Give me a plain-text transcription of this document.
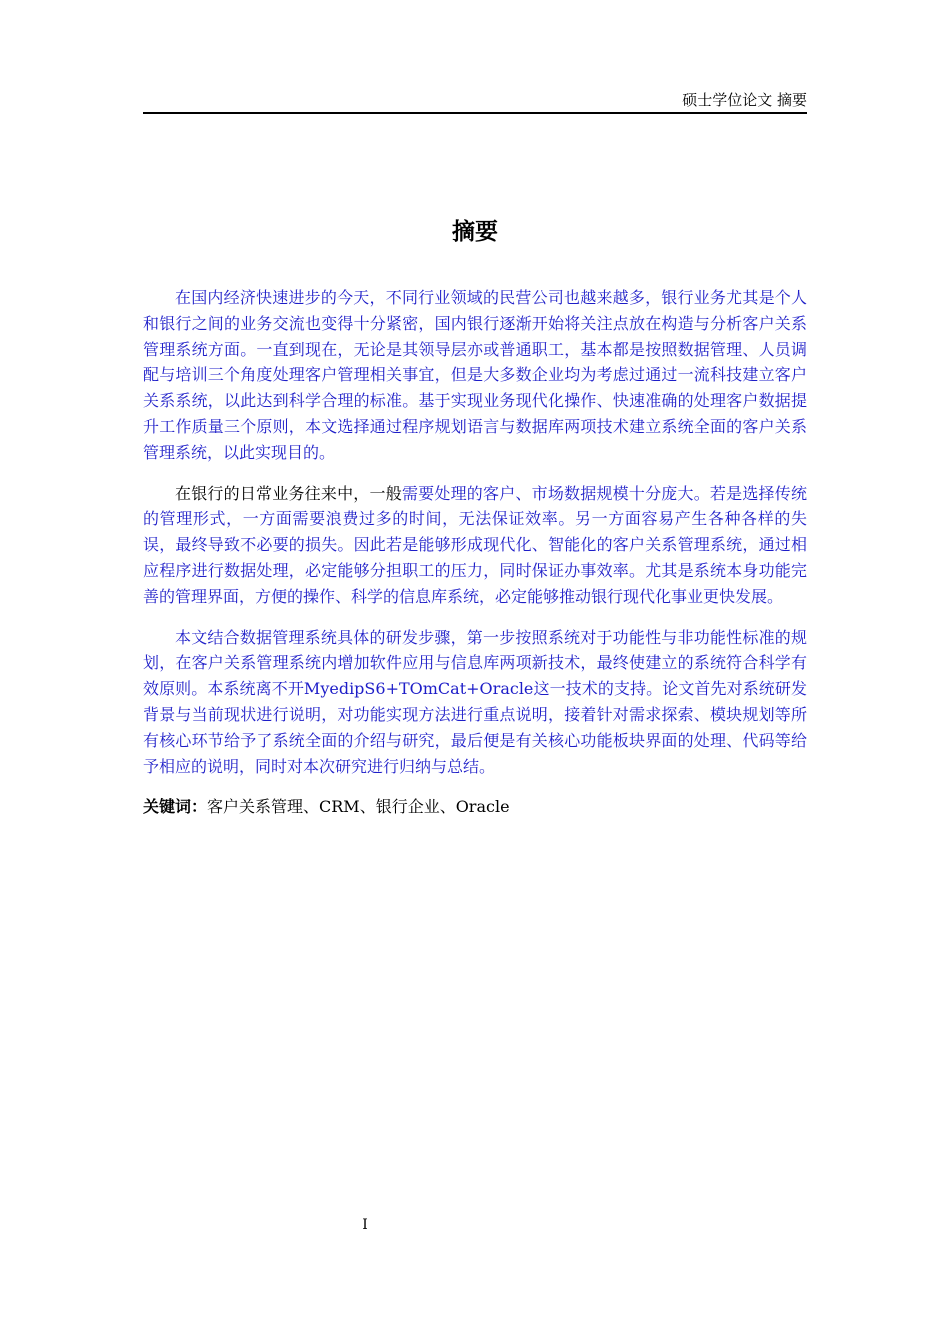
硕士学位论文 摘要
摘要

在国内经济快速进步的今天，不同行业领域的民营公司也越来越多，银行业务尤其是个人和银行之间的业务交流也变得十分紧密，国内银行逐渐开始将关注点放在构造与分析客户关系管理系统方面。一直到现在，无论是其领导层亦或普通职工，基本都是按照数据管理、人员调配与培训三个角度处理客户管理相关事宜，但是大多数企业均为考虑过通过一流科技建立客户关系系统，以此达到科学合理的标准。基于实现业务现代化操作、快速准确的处理客户数据提升工作质量三个原则，本文选择通过程序规划语言与数据库两项技术建立系统全面的客户关系管理系统，以此实现目的。

在银行的日常业务往来中，一般需要处理的客户、市场数据规模十分庞大。若是选择传统的管理形式，一方面需要浪费过多的时间，无法保证效率。另一方面容易产生各种各样的失误，最终导致不必要的损失。因此若是能够形成现代化、智能化的客户关系管理系统，通过相应程序进行数据处理，必定能够分担职工的压力，同时保证办事效率。尤其是系统本身功能完善的管理界面，方便的操作、科学的信息库系统，必定能够推动银行现代化事业更快发展。

本文结合数据管理系统具体的研发步骤，第一步按照系统对于功能性与非功能性标准的规划，在客户关系管理系统内增加软件应用与信息库两项新技术，最终使建立的系统符合科学有效原则。本系统离不开MyedipS6+TOmCat+Oracle这一技术的支持。论文首先对系统研发背景与当前现状进行说明，对功能实现方法进行重点说明，接着针对需求探索、模块规划等所有核心环节给予了系统全面的介绍与研究，最后便是有关核心功能板块界面的处理、代码等给予相应的说明，同时对本次研究进行归纳与总结。

关键词：客户关系管理、CRM、银行企业、Oracle

I
